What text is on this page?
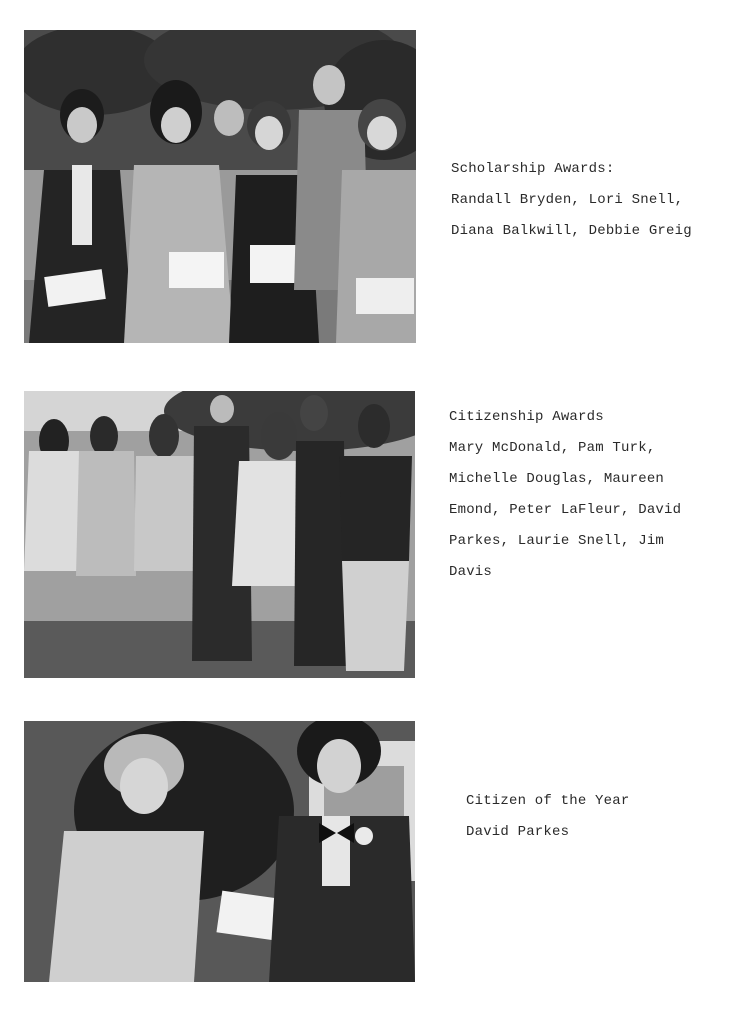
Scholarship Awards:
Randall Bryden, Lori Snell,
Diana Balkwill, Debbie Greig
Citizenship Awards
Mary McDonald, Pam Turk,
Michelle Douglas, Maureen
Emond, Peter LaFleur, David
Parkes, Laurie Snell, Jim
Davis
Citizen of the Year
David Parkes
